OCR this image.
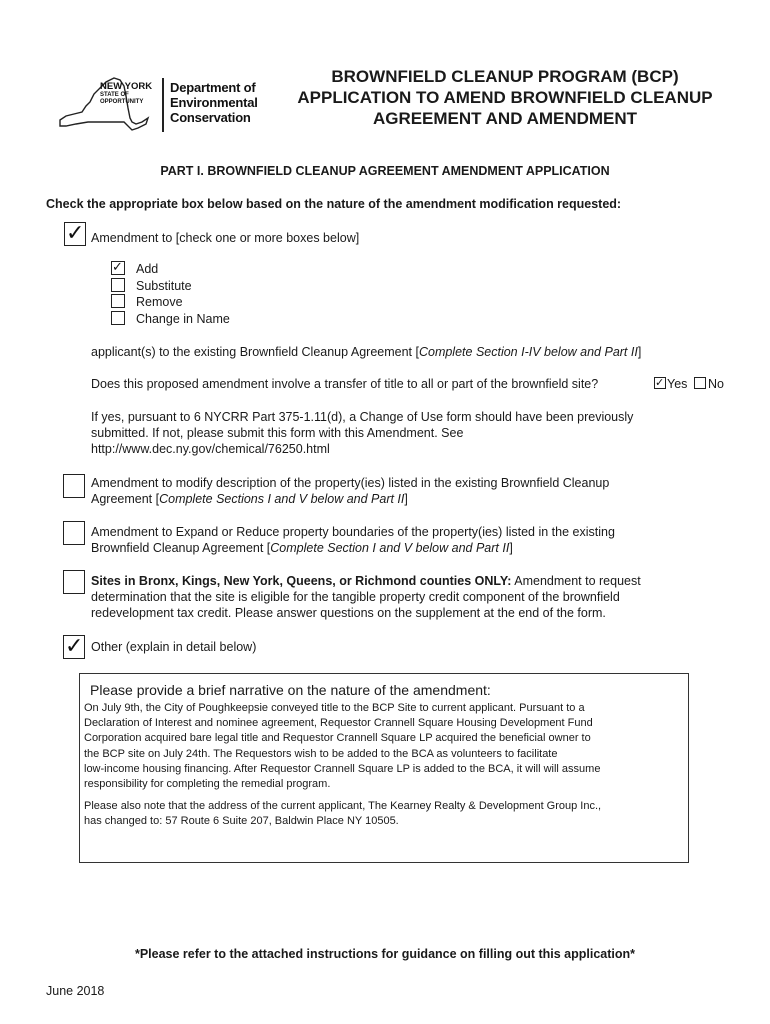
NEW YORK
STATE OF
OPPORTUNITY
Department of
Environmental
Conservation
BROWNFIELD CLEANUP PROGRAM (BCP)
APPLICATION TO AMEND BROWNFIELD CLEANUP
AGREEMENT AND AMENDMENT
PART I. BROWNFIELD CLEANUP AGREEMENT AMENDMENT APPLICATION
Check the appropriate box below based on the nature of the amendment modification requested:
✓ Amendment to [check one or more boxes below]
✓ Add
Substitute
Remove
Change in Name
applicant(s) to the existing Brownfield Cleanup Agreement [Complete Section I-IV below and Part II]
Does this proposed amendment involve a transfer of title to all or part of the brownfield site?	✓ Yes No
If yes, pursuant to 6 NYCRR Part 375-1.11(d), a Change of Use form should have been previously
submitted. If not, please submit this form with this Amendment. See
http://www.dec.ny.gov/chemical/76250.html
Amendment to modify description of the property(ies) listed in the existing Brownfield Cleanup
Agreement [Complete Sections I and V below and Part II]
Amendment to Expand or Reduce property boundaries of the property(ies) listed in the existing
Brownfield Cleanup Agreement [Complete Section I and V below and Part II]
Sites in Bronx, Kings, New York, Queens, or Richmond counties ONLY: Amendment to request
determination that the site is eligible for the tangible property credit component of the brownfield
redevelopment tax credit. Please answer questions on the supplement at the end of the form.
✓ Other (explain in detail below)
Please provide a brief narrative on the nature of the amendment:

On July 9th, the City of Poughkeepsie conveyed title to the BCP Site to current applicant. Pursuant to a
Declaration of Interest and nominee agreement, Requestor Crannell Square Housing Development Fund
Corporation acquired bare legal title and Requestor Crannell Square LP acquired the beneficial owner to
the BCP site on July 24th. The Requestors wish to be added to the BCA as volunteers to facilitate
low-income housing financing. After Requestor Crannell Square LP is added to the BCA, it will will assume
responsibility for completing the remedial program.

Please also note that the address of the current applicant, The Kearney Realty & Development Group Inc.,
has changed to: 57 Route 6 Suite 207, Baldwin Place NY 10505.

*Please refer to the attached instructions for guidance on filling out this application*
June 2018
